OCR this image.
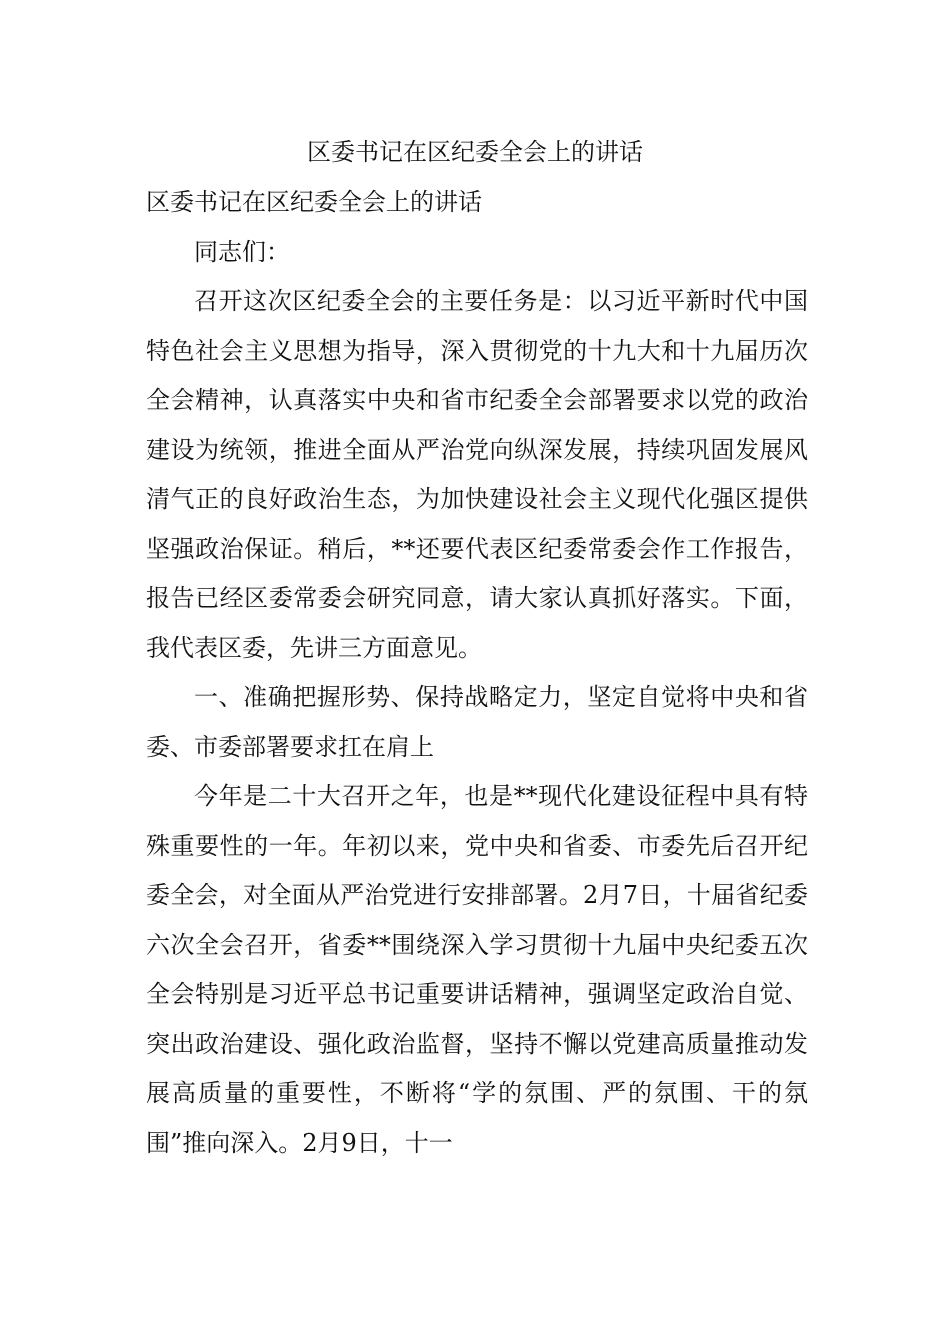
区委书记在区纪委全会上的讲话

区委书记在区纪委全会上的讲话

同志们：

召开这次区纪委全会的主要任务是：以习近平新时代中国特色社会主义思想为指导，深入贯彻党的十九大和十九届历次全会精神，认真落实中央和省市纪委全会部署要求以党的政治建设为统领，推进全面从严治党向纵深发展，持续巩固发展风清气正的良好政治生态，为加快建设社会主义现代化强区提供坚强政治保证。稍后，**还要代表区纪委常委会作工作报告，报告已经区委常委会研究同意，请大家认真抓好落实。下面，我代表区委，先讲三方面意见。

一、准确把握形势、保持战略定力，坚定自觉将中央和省委、市委部署要求扛在肩上

今年是二十大召开之年，也是**现代化建设征程中具有特殊重要性的一年。年初以来，党中央和省委、市委先后召开纪委全会，对全面从严治党进行安排部署。2月7日，十届省纪委六次全会召开，省委**围绕深入学习贯彻十九届中央纪委五次全会特别是习近平总书记重要讲话精神，强调坚定政治自觉、突出政治建设、强化政治监督，坚持不懈以党建高质量推动发展高质量的重要性，不断将“学的氛围、严的氛围、干的氛围”推向深入。2月9日，十一
